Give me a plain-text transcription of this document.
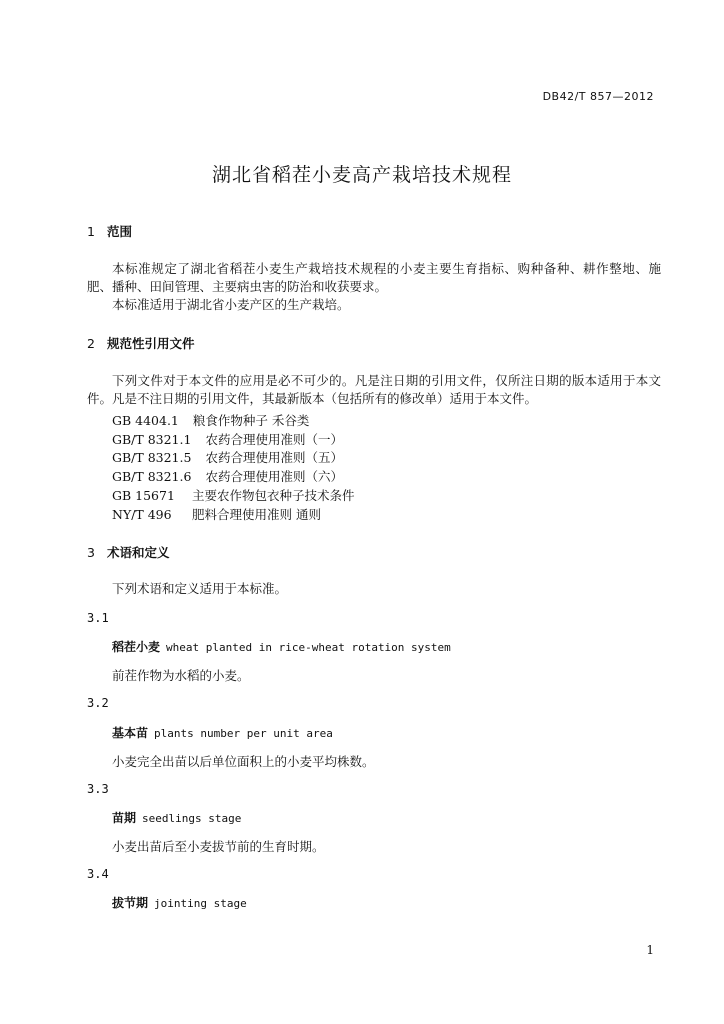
DB42/T 857—2012
湖北省稻茬小麦高产栽培技术规程
1 范围
本标准规定了湖北省稻茬小麦生产栽培技术规程的小麦主要生育指标、购种备种、耕作整地、施肥、播种、田间管理、主要病虫害的防治和收获要求。
本标准适用于湖北省小麦产区的生产栽培。
2 规范性引用文件
下列文件对于本文件的应用是必不可少的。凡是注日期的引用文件，仅所注日期的版本适用于本文件。凡是不注日期的引用文件，其最新版本（包括所有的修改单）适用于本文件。
GB 4404.1 粮食作物种子 禾谷类
GB/T 8321.1 农药合理使用准则（一）
GB/T 8321.5 农药合理使用准则（五）
GB/T 8321.6 农药合理使用准则（六）
GB 15671 主要农作物包衣种子技术条件
NY/T 496 肥料合理使用准则 通则
3 术语和定义
下列术语和定义适用于本标准。
3.1
稻茬小麦 wheat planted in rice-wheat rotation system
前茬作物为水稻的小麦。
3.2
基本苗 plants number per unit area
小麦完全出苗以后单位面积上的小麦平均株数。
3.3
苗期 seedlings stage
小麦出苗后至小麦拔节前的生育时期。
3.4
拔节期 jointing stage
1
